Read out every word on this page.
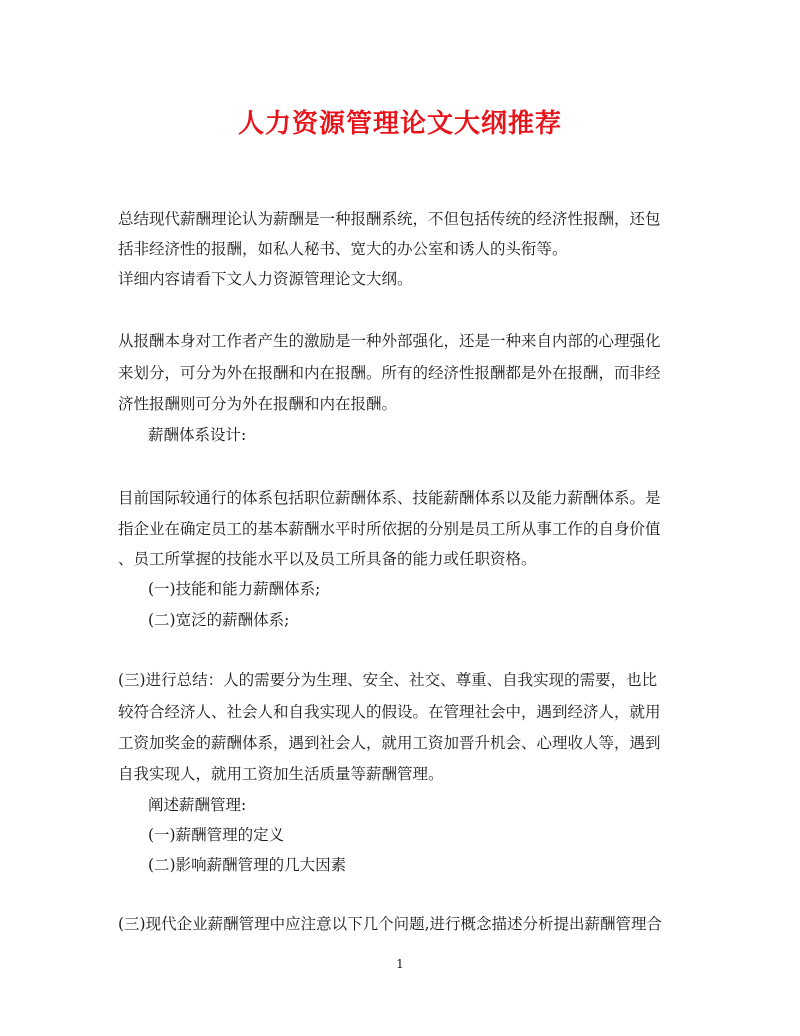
人力资源管理论文大纲推荐
总结现代薪酬理论认为薪酬是一种报酬系统，不但包括传统的经济性报酬，还包
括非经济性的报酬，如私人秘书、宽大的办公室和诱人的头衔等。
详细内容请看下文人力资源管理论文大纲。
从报酬本身对工作者产生的激励是一种外部强化，还是一种来自内部的心理强化
来划分，可分为外在报酬和内在报酬。所有的经济性报酬都是外在报酬，而非经
济性报酬则可分为外在报酬和内在报酬。
薪酬体系设计:
目前国际较通行的体系包括职位薪酬体系、技能薪酬体系以及能力薪酬体系。是
指企业在确定员工的基本薪酬水平时所依据的分别是员工所从事工作的自身价值
、员工所掌握的技能水平以及员工所具备的能力或任职资格。
(一)技能和能力薪酬体系;
(二)宽泛的薪酬体系;
(三)进行总结：人的需要分为生理、安全、社交、尊重、自我实现的需要，也比
较符合经济人、社会人和自我实现人的假设。在管理社会中，遇到经济人，就用
工资加奖金的薪酬体系，遇到社会人，就用工资加晋升机会、心理收人等，遇到
自我实现人，就用工资加生活质量等薪酬管理。
阐述薪酬管理:
(一)薪酬管理的定义
(二)影响薪酬管理的几大因素
(三)现代企业薪酬管理中应注意以下几个问题,进行概念描述分析提出薪酬管理合
1
